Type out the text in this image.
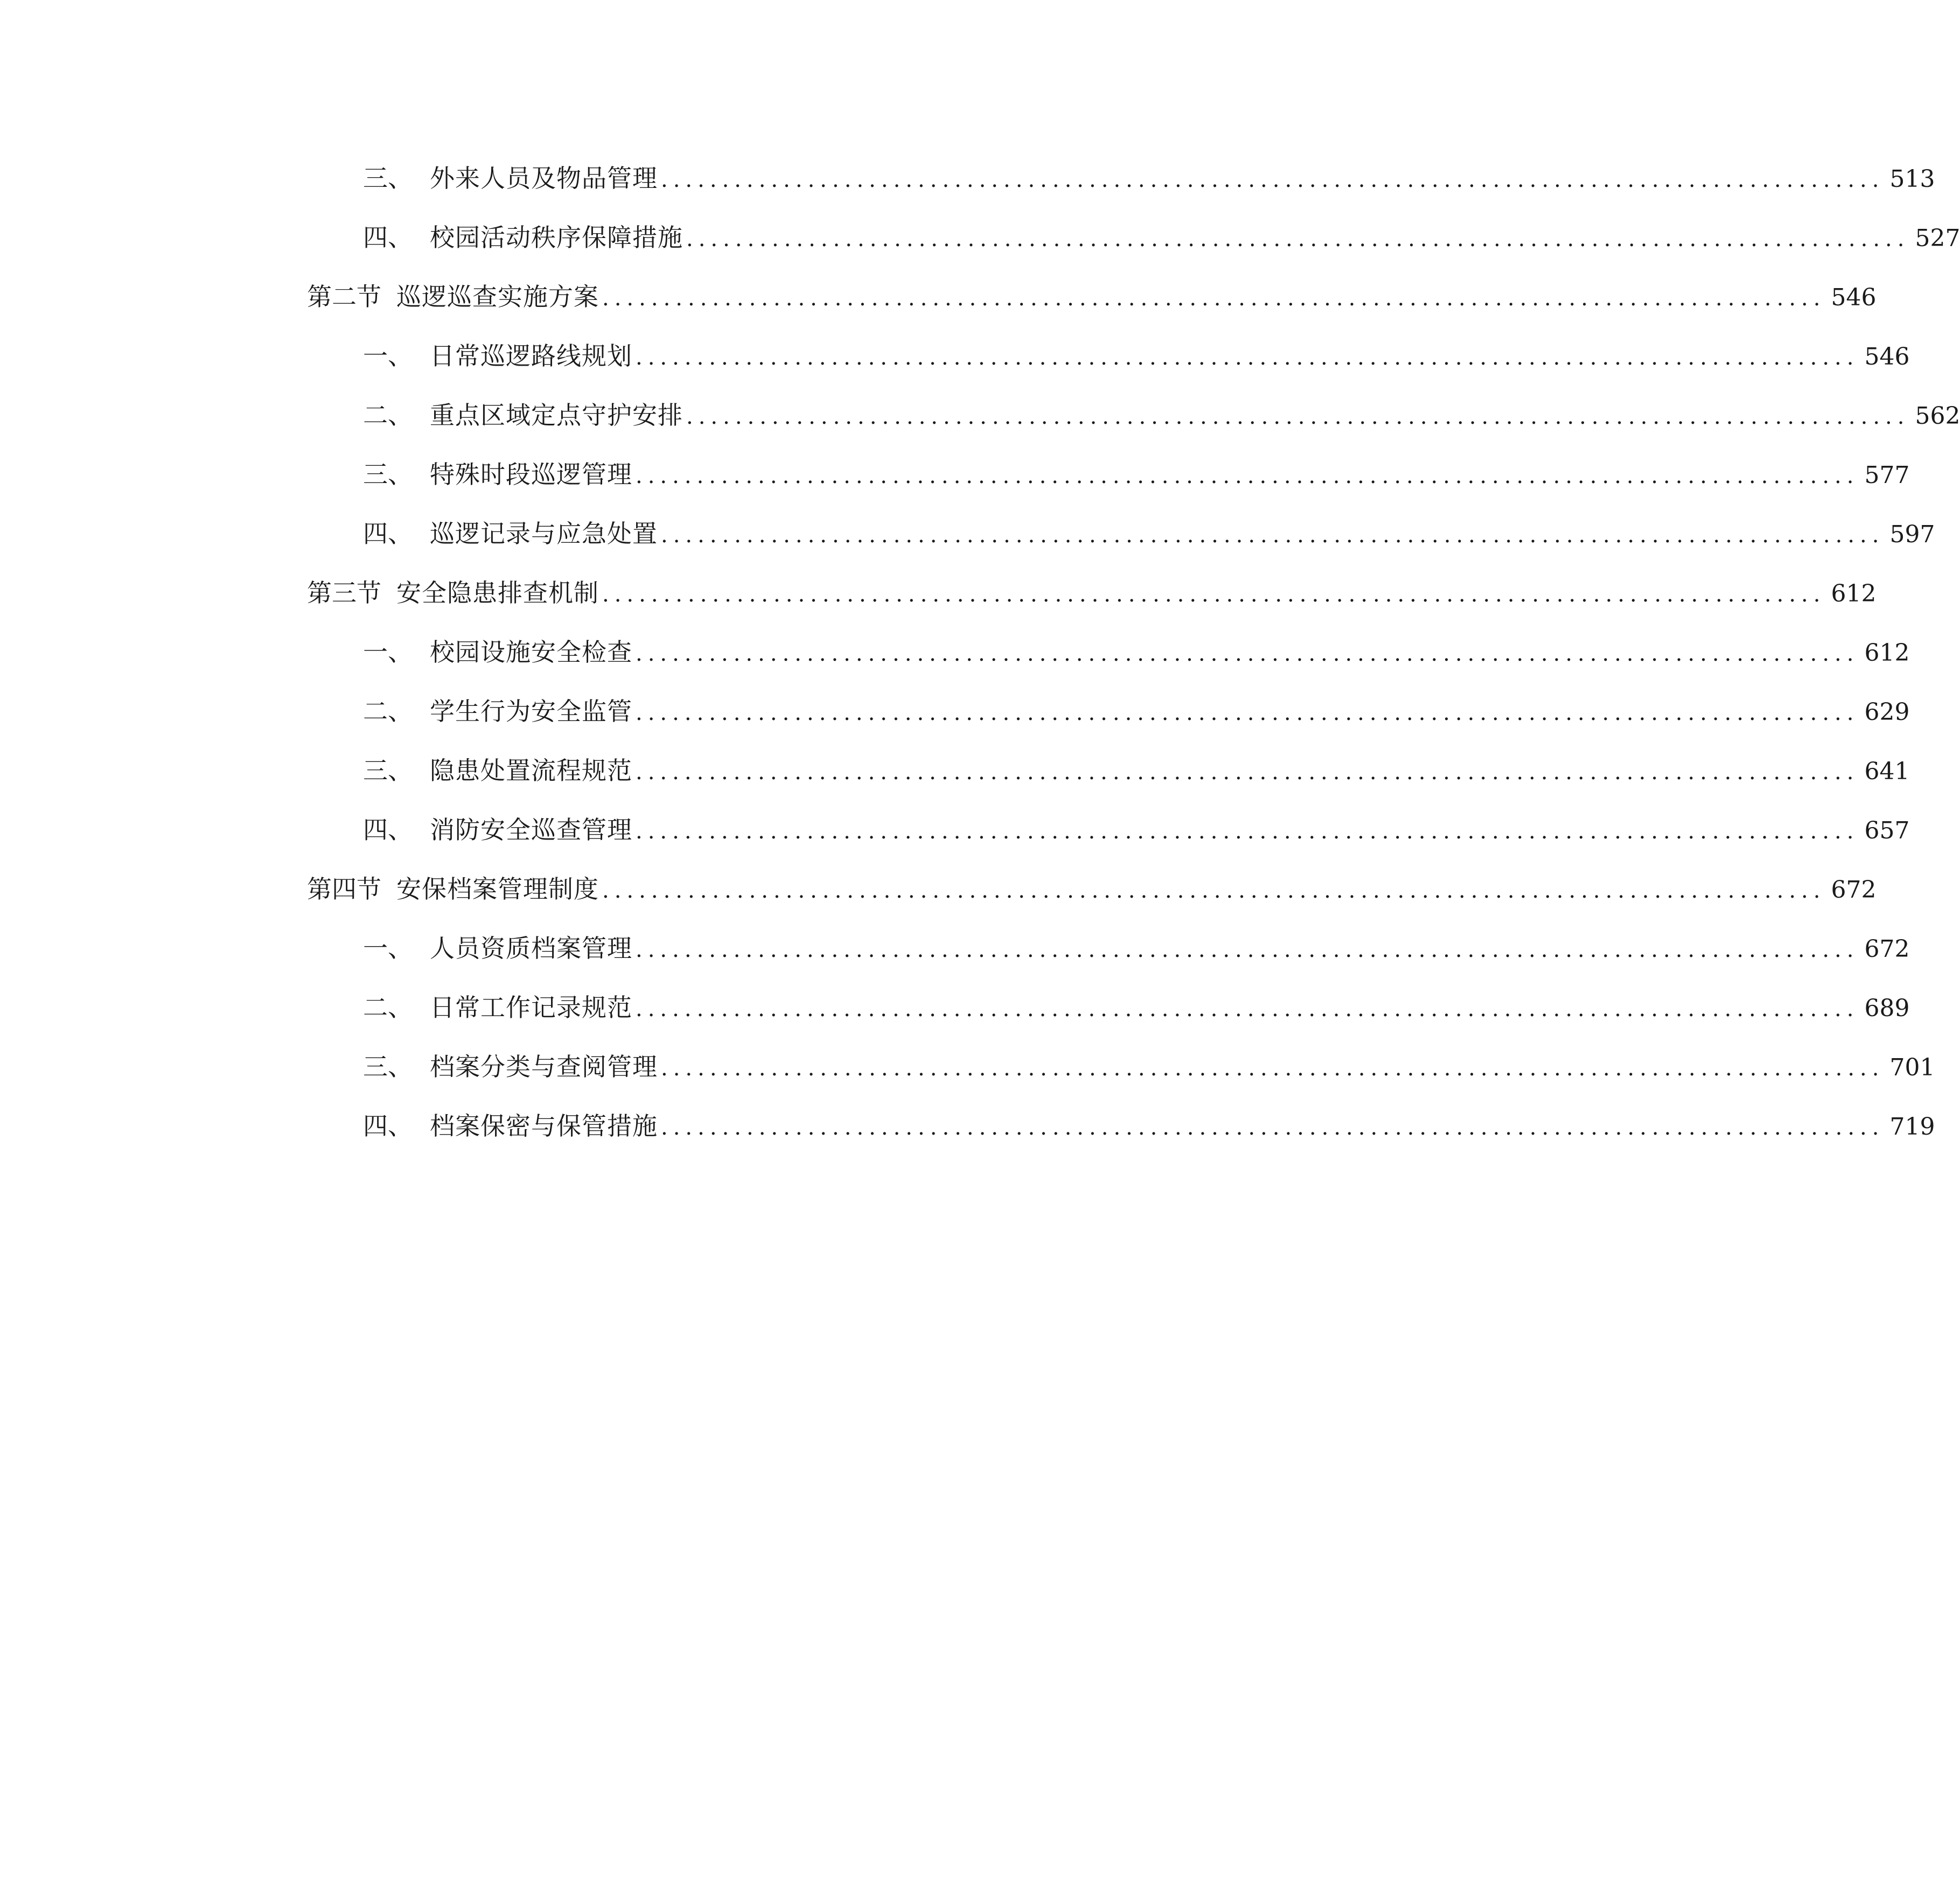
三、 外来人员及物品管理 .................................................................................................... 513
四、 校园活动秩序保障措施 .................................................................................................... 527
第二节 巡逻巡查实施方案 .................................................................................................... 546
一、 日常巡逻路线规划 .................................................................................................... 546
二、 重点区域定点守护安排 .................................................................................................... 562
三、 特殊时段巡逻管理 .................................................................................................... 577
四、 巡逻记录与应急处置 .................................................................................................... 597
第三节 安全隐患排查机制 .................................................................................................... 612
一、 校园设施安全检查 .................................................................................................... 612
二、 学生行为安全监管 .................................................................................................... 629
三、 隐患处置流程规范 .................................................................................................... 641
四、 消防安全巡查管理 .................................................................................................... 657
第四节 安保档案管理制度 .................................................................................................... 672
一、 人员资质档案管理 .................................................................................................... 672
二、 日常工作记录规范 .................................................................................................... 689
三、 档案分类与查阅管理 .................................................................................................... 701
四、 档案保密与保管措施 .................................................................................................... 719
